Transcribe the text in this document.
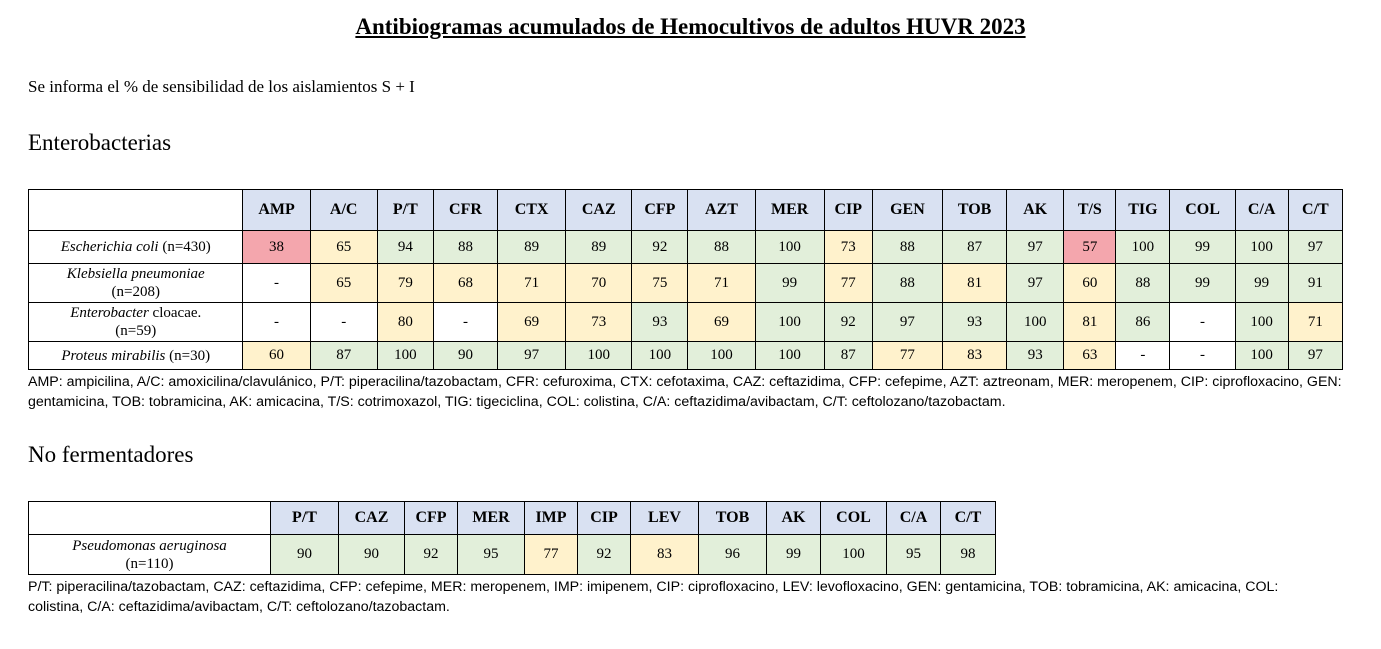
Antibiogramas acumulados de Hemocultivos de adultos HUVR 2023
Se informa el % de sensibilidad de los aislamientos S + I
Enterobacterias
	AMP	A/C	P/T	CFR	CTX	CAZ	CFP	AZT	MER	CIP	GEN	TOB	AK	T/S	TIG	COL	C/A	C/T
Escherichia coli (n=430)	38	65	94	88	89	89	92	88	100	73	88	87	97	57	100	99	100	97
Klebsiella pneumoniae
(n=208)	-	65	79	68	71	70	75	71	99	77	88	81	97	60	88	99	99	91
Enterobacter cloacae.
(n=59)	-	-	80	-	69	73	93	69	100	92	97	93	100	81	86	-	100	71
Proteus mirabilis (n=30)	60	87	100	90	97	100	100	100	100	87	77	83	93	63	-	-	100	97
AMP: ampicilina, A/C: amoxicilina/clavulánico, P/T: piperacilina/tazobactam, CFR: cefuroxima, CTX: cefotaxima, CAZ: ceftazidima, CFP: cefepime, AZT: aztreonam, MER: meropenem, CIP: ciprofloxacino, GEN: gentamicina, TOB: tobramicina, AK: amicacina, T/S: cotrimoxazol, TIG: tigeciclina, COL: colistina, C/A: ceftazidima/avibactam, C/T: ceftolozano/tazobactam.
No fermentadores
	P/T	CAZ	CFP	MER	IMP	CIP	LEV	TOB	AK	COL	C/A	C/T
Pseudomonas aeruginosa
(n=110)	90	90	92	95	77	92	83	96	99	100	95	98
P/T: piperacilina/tazobactam, CAZ: ceftazidima, CFP: cefepime, MER: meropenem, IMP: imipenem, CIP: ciprofloxacino, LEV: levofloxacino, GEN: gentamicina, TOB: tobramicina, AK: amicacina, COL: colistina, C/A: ceftazidima/avibactam, C/T: ceftolozano/tazobactam.
